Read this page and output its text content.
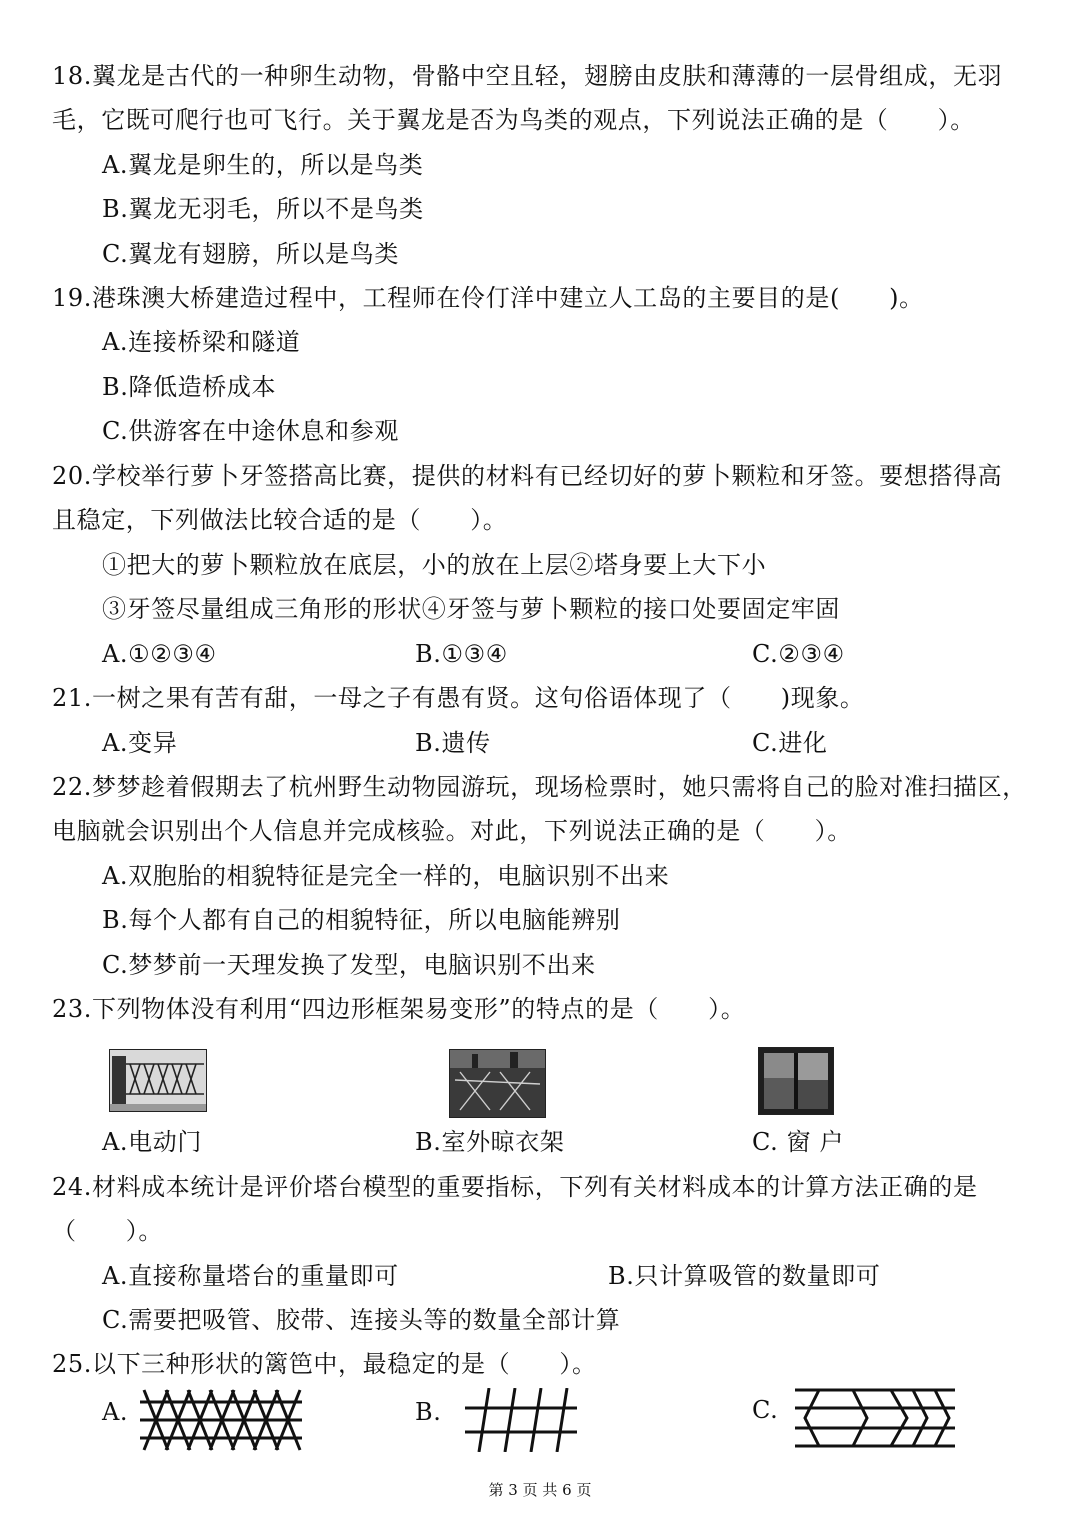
18.翼龙是古代的一种卵生动物，骨骼中空且轻，翅膀由皮肤和薄薄的一层骨组成，无羽
毛，它既可爬行也可飞行。关于翼龙是否为鸟类的观点，下列说法正确的是（　　）。
A.翼龙是卵生的，所以是鸟类
B.翼龙无羽毛，所以不是鸟类
C.翼龙有翅膀，所以是鸟类
19.港珠澳大桥建造过程中，工程师在伶仃洋中建立人工岛的主要目的是(　　)。
A.连接桥梁和隧道
B.降低造桥成本
C.供游客在中途休息和参观
20.学校举行萝卜牙签搭高比赛，提供的材料有已经切好的萝卜颗粒和牙签。要想搭得高
且稳定，下列做法比较合适的是（　　）。
①把大的萝卜颗粒放在底层，小的放在上层②塔身要上大下小
③牙签尽量组成三角形的形状④牙签与萝卜颗粒的接口处要固定牢固
A.①②③④	B.①③④	C.②③④
21.一树之果有苦有甜，一母之子有愚有贤。这句俗语体现了（　　)现象。
A.变异	B.遗传	C.进化
22.梦梦趁着假期去了杭州野生动物园游玩，现场检票时，她只需将自己的脸对准扫描区，
电脑就会识别出个人信息并完成核验。对此，下列说法正确的是（　　）。
A.双胞胎的相貌特征是完全一样的，电脑识别不出来
B.每个人都有自己的相貌特征，所以电脑能辨别
C.梦梦前一天理发换了发型，电脑识别不出来
23.下列物体没有利用“四边形框架易变形”的特点的是（　　）。
A.电动门	B.室外晾衣架	C. 窗 户
24.材料成本统计是评价塔台模型的重要指标，下列有关材料成本的计算方法正确的是
（　　）。
A.直接称量塔台的重量即可	B.只计算吸管的数量即可
C.需要把吸管、胶带、连接头等的数量全部计算
25.以下三种形状的篱笆中，最稳定的是（　　）。
A.	B.	C.
第 3 页 共 6 页
